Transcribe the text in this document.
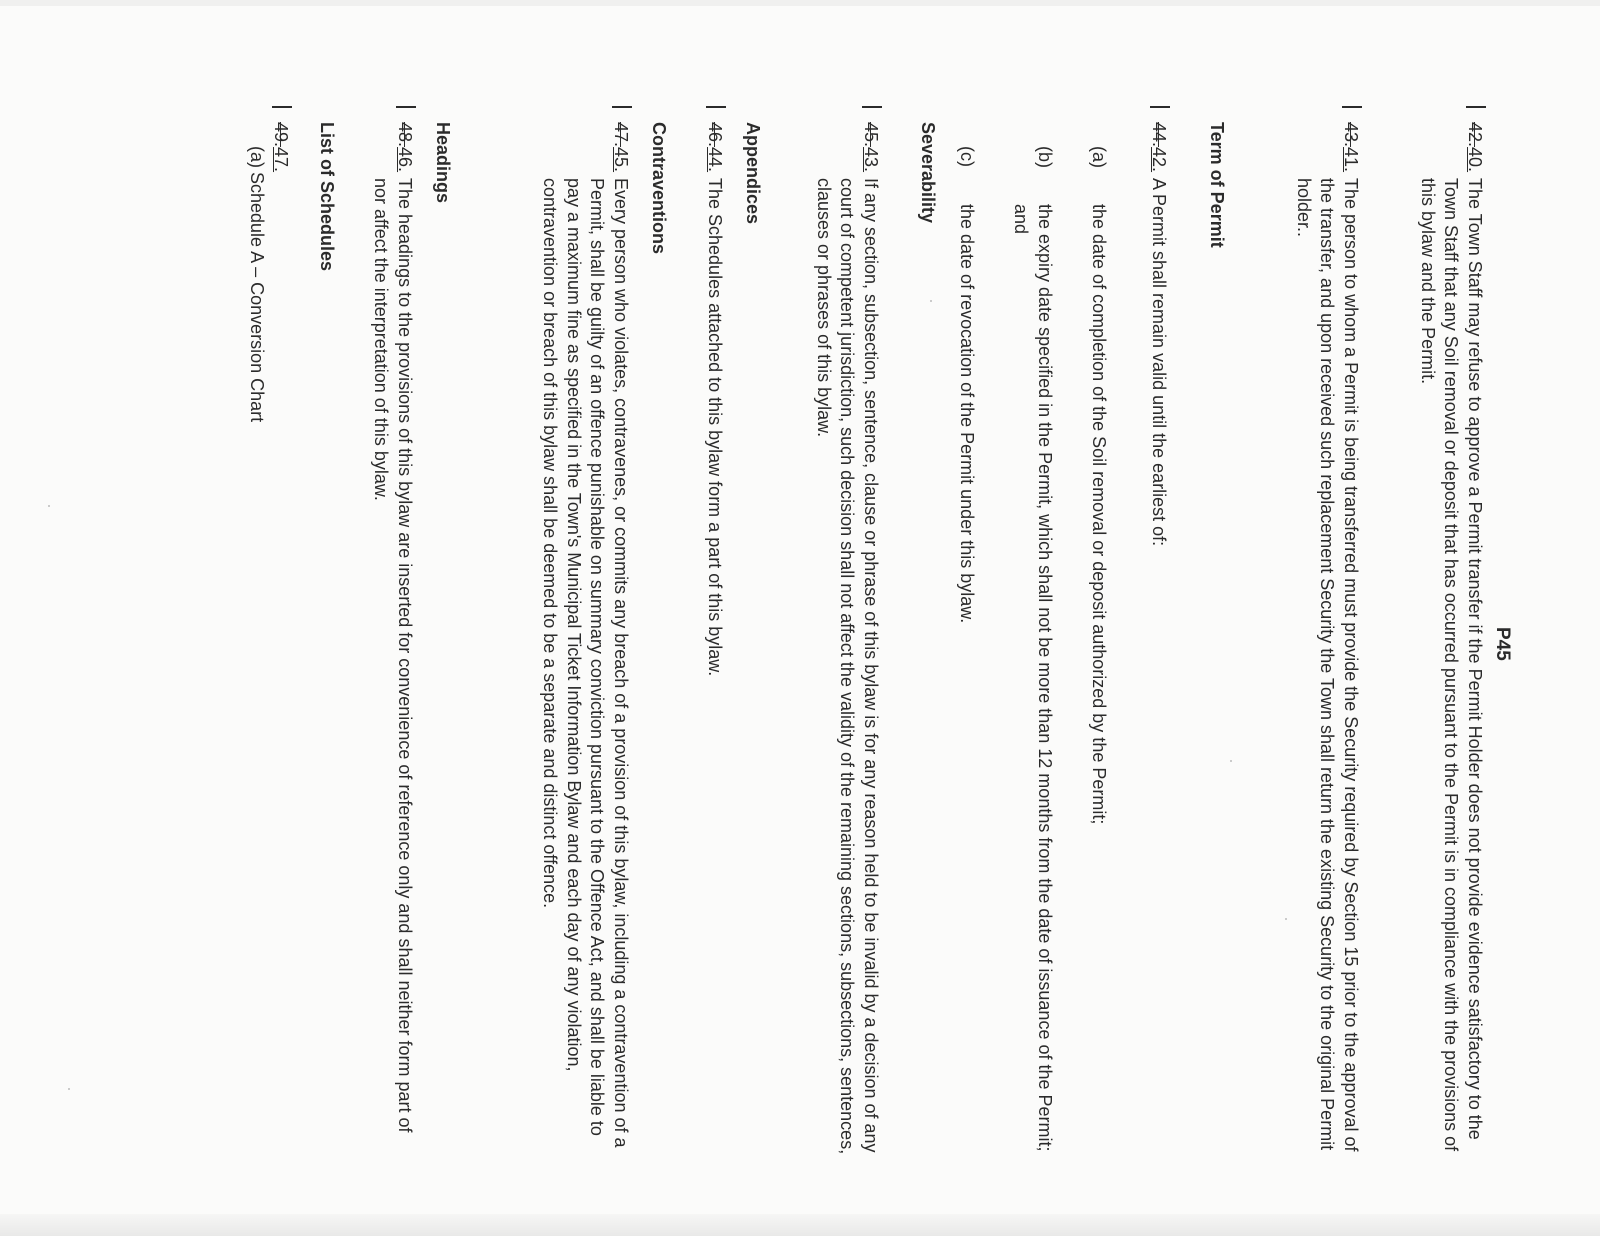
P45
42.40.
The Town Staff may refuse to approve a Permit transfer if the Permit Holder does not provide evidence satisfactory to the Town Staff that any Soil removal or deposit that has occurred pursuant to the Permit is in compliance with the provisions of this bylaw and the Permit.
43.41.
The person to whom a Permit is being transferred must provide the Security required by Section 15 prior to the approval of the transfer, and upon received such replacement Security the Town shall return the existing Security to the original Permit holder..
Term of Permit
44.42.
A Permit shall remain valid until the earliest of:
(a)
the date of completion of the Soil removal or deposit authorized by the Permit;
(b)
the expiry date specified in the Permit, which shall not be more than 12 months from the date of issuance of the Permit; and
(c)
the date of revocation of the Permit under this bylaw.
Severability
45.43.
If any section, subsection, sentence, clause or phrase of this bylaw is for any reason held to be invalid by a decision of any court of competent jurisdiction, such decision shall not affect the validity of the remaining sections, subsections, sentences, clauses or phrases of this bylaw.
Appendices
46.44.
The Schedules attached to this bylaw form a part of this bylaw.
Contraventions
47.45.
Every person who violates, contravenes, or commits any breach of a provision of this bylaw, including a contravention of a Permit, shall be guilty of an offence punishable on summary conviction pursuant to the Offence Act, and shall be liable to pay a maximum fine as specified in the Town's Municipal Ticket Information Bylaw and each day of any violation, contravention or breach of this bylaw shall be deemed to be a separate and distinct offence.
Headings
48.46.
The headings to the provisions of this bylaw are inserted for convenience of reference only and shall neither form part of nor affect the interpretation of this bylaw.
List of Schedules
49.47.
(a)
Schedule A – Conversion Chart
